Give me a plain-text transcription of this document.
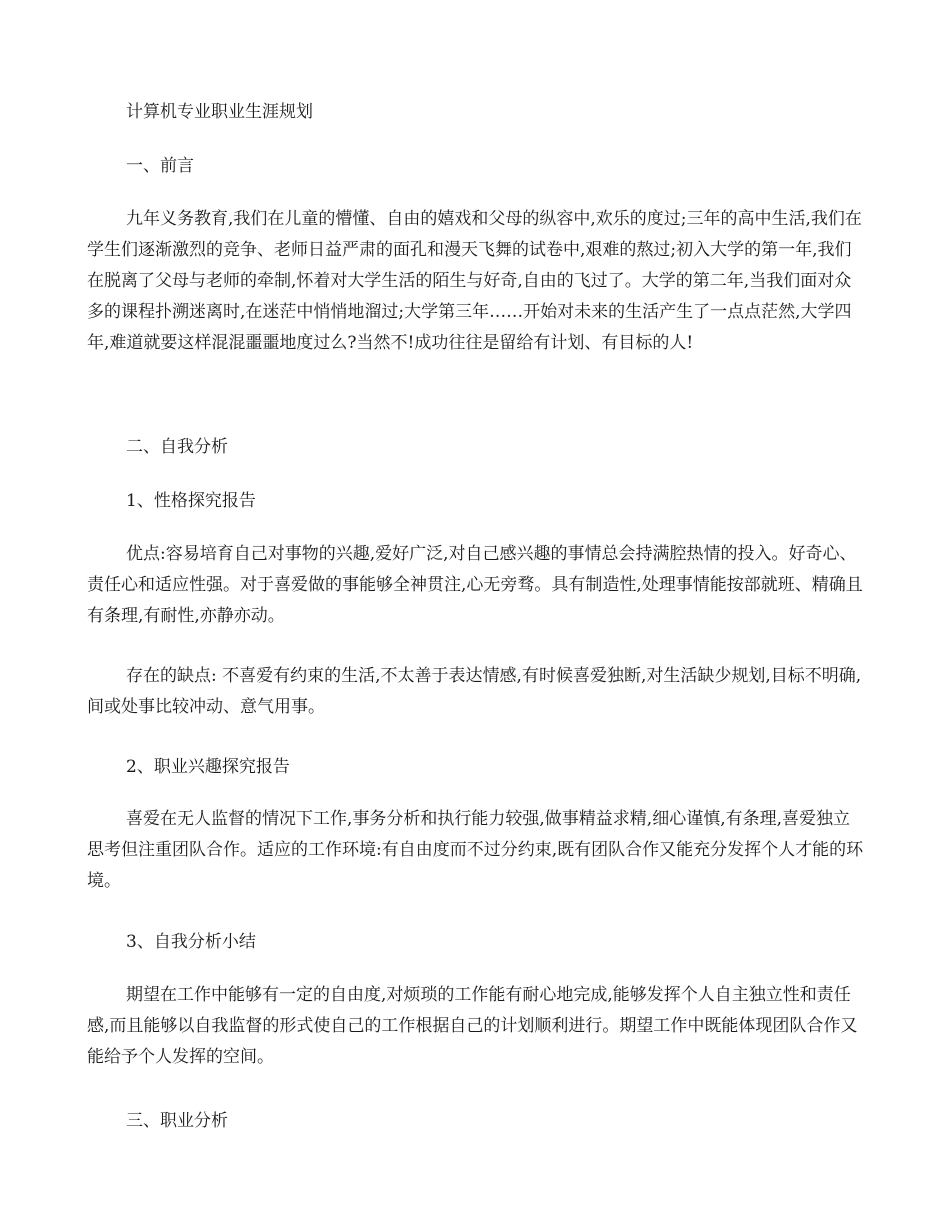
计算机专业职业生涯规划

一、前言

九年义务教育,我们在儿童的懵懂、自由的嬉戏和父母的纵容中,欢乐的度过;三年的高中生活,我们在学生们逐渐激烈的竞争、老师日益严肃的面孔和漫天飞舞的试卷中,艰难的熬过;初入大学的第一年,我们在脱离了父母与老师的牵制,怀着对大学生活的陌生与好奇,自由的飞过了。大学的第二年,当我们面对众多的课程扑溯迷离时,在迷茫中悄悄地溜过;大学第三年……开始对未来的生活产生了一点点茫然,大学四年,难道就要这样混混噩噩地度过么?当然不!成功往往是留给有计划、有目标的人!

二、自我分析

1、性格探究报告

优点:容易培育自己对事物的兴趣,爱好广泛,对自己感兴趣的事情总会持满腔热情的投入。好奇心、责任心和适应性强。对于喜爱做的事能够全神贯注,心无旁骛。具有制造性,处理事情能按部就班、精确且有条理,有耐性,亦静亦动。

存在的缺点: 不喜爱有约束的生活,不太善于表达情感,有时候喜爱独断,对生活缺少规划,目标不明确,间或处事比较冲动、意气用事。

2、职业兴趣探究报告

喜爱在无人监督的情况下工作,事务分析和执行能力较强,做事精益求精,细心谨慎,有条理,喜爱独立思考但注重团队合作。适应的工作环境:有自由度而不过分约束,既有团队合作又能充分发挥个人才能的环境。

3、自我分析小结

期望在工作中能够有一定的自由度,对烦琐的工作能有耐心地完成,能够发挥个人自主独立性和责任感,而且能够以自我监督的形式使自己的工作根据自己的计划顺利进行。期望工作中既能体现团队合作又能给予个人发挥的空间。

三、职业分析
